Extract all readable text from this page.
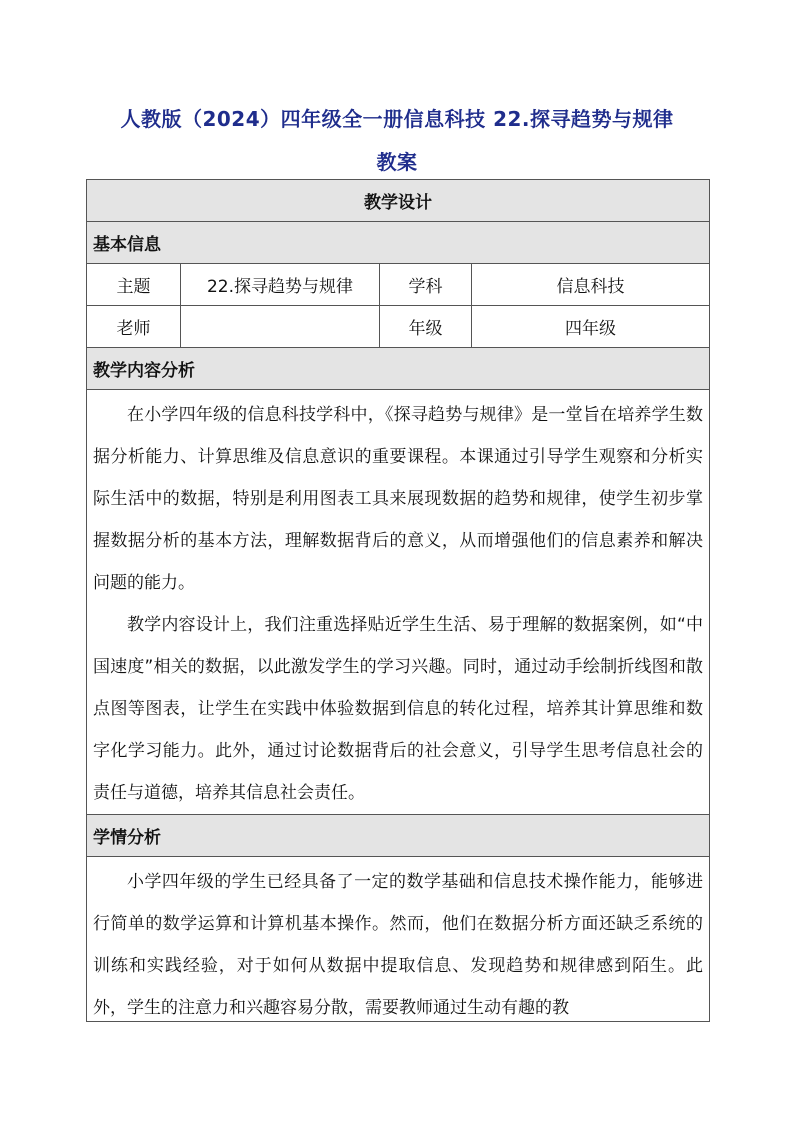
人教版（2024）四年级全一册信息科技 22.探寻趋势与规律
教案
教学设计			
基本信息			
主题	22.探寻趋势与规律	学科	信息科技
老师		年级	四年级
教学内容分析			

在小学四年级的信息科技学科中，《探寻趋势与规律》是一堂旨在培养学生数据分析能力、计算思维及信息意识的重要课程。本课通过引导学生观察和分析实际生活中的数据，特别是利用图表工具来展现数据的趋势和规律，使学生初步掌握数据分析的基本方法，理解数据背后的意义，从而增强他们的信息素养和解决问题的能力。

教学内容设计上，我们注重选择贴近学生生活、易于理解的数据案例，如“中国速度”相关的数据，以此激发学生的学习兴趣。同时，通过动手绘制折线图和散点图等图表，让学生在实践中体验数据到信息的转化过程，培养其计算思维和数字化学习能力。此外，通过讨论数据背后的社会意义，引导学生思考信息社会的责任与道德，培养其信息社会责任。			

学情分析			

小学四年级的学生已经具备了一定的数学基础和信息技术操作能力，能够进行简单的数学运算和计算机基本操作。然而，他们在数据分析方面还缺乏系统的训练和实践经验，对于如何从数据中提取信息、发现趋势和规律感到陌生。此外，学生的注意力和兴趣容易分散，需要教师通过生动有趣的教			
